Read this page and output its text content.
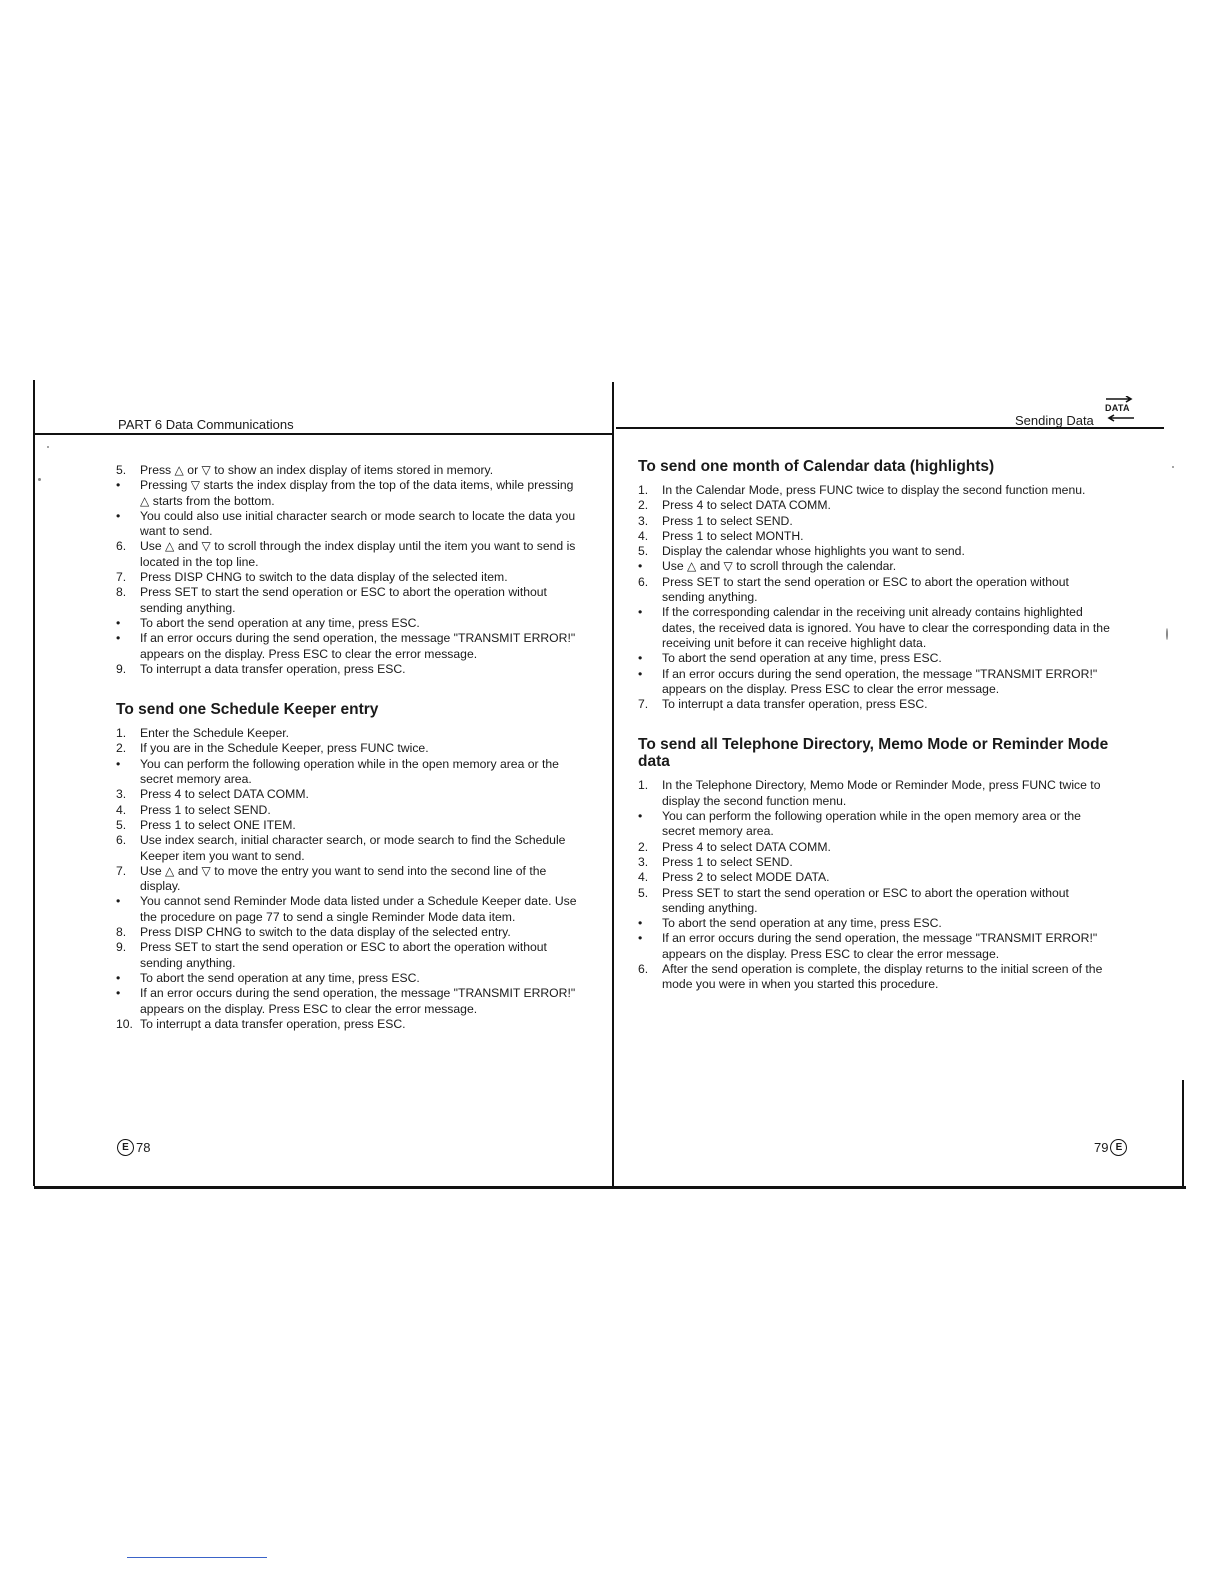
PART 6 Data Communications
5. Press △ or ▽ to show an index display of items stored in memory.
• Pressing ▽ starts the index display from the top of the data items, while pressing △ starts from the bottom.
• You could also use initial character search or mode search to locate the data you want to send.
6. Use △ and ▽ to scroll through the index display until the item you want to send is located in the top line.
7. Press DISP CHNG to switch to the data display of the selected item.
8. Press SET to start the send operation or ESC to abort the operation without sending anything.
• To abort the send operation at any time, press ESC.
• If an error occurs during the send operation, the message "TRANSMIT ERROR!" appears on the display. Press ESC to clear the error message.
9. To interrupt a data transfer operation, press ESC.
To send one Schedule Keeper entry
1. Enter the Schedule Keeper.
2. If you are in the Schedule Keeper, press FUNC twice.
• You can perform the following operation while in the open memory area or the secret memory area.
3. Press 4 to select DATA COMM.
4. Press 1 to select SEND.
5. Press 1 to select ONE ITEM.
6. Use index search, initial character search, or mode search to find the Schedule Keeper item you want to send.
7. Use △ and ▽ to move the entry you want to send into the second line of the display.
• You cannot send Reminder Mode data listed under a Schedule Keeper date. Use the procedure on page 77 to send a single Reminder Mode data item.
8. Press DISP CHNG to switch to the data display of the selected entry.
9. Press SET to start the send operation or ESC to abort the operation without sending anything.
• To abort the send operation at any time, press ESC.
• If an error occurs during the send operation, the message "TRANSMIT ERROR!" appears on the display. Press ESC to clear the error message.
10. To interrupt a data transfer operation, press ESC.
E 78
Sending Data
DATA
To send one month of Calendar data (highlights)
1. In the Calendar Mode, press FUNC twice to display the second function menu.
2. Press 4 to select DATA COMM.
3. Press 1 to select SEND.
4. Press 1 to select MONTH.
5. Display the calendar whose highlights you want to send.
• Use △ and ▽ to scroll through the calendar.
6. Press SET to start the send operation or ESC to abort the operation without sending anything.
• If the corresponding calendar in the receiving unit already contains highlighted dates, the received data is ignored. You have to clear the corresponding data in the receiving unit before it can receive highlight data.
• To abort the send operation at any time, press ESC.
• If an error occurs during the send operation, the message "TRANSMIT ERROR!" appears on the display. Press ESC to clear the error message.
7. To interrupt a data transfer operation, press ESC.
To send all Telephone Directory, Memo Mode or Reminder Mode data
1. In the Telephone Directory, Memo Mode or Reminder Mode, press FUNC twice to display the second function menu.
• You can perform the following operation while in the open memory area or the secret memory area.
2. Press 4 to select DATA COMM.
3. Press 1 to select SEND.
4. Press 2 to select MODE DATA.
5. Press SET to start the send operation or ESC to abort the operation without sending anything.
• To abort the send operation at any time, press ESC.
• If an error occurs during the send operation, the message "TRANSMIT ERROR!" appears on the display. Press ESC to clear the error message.
6. After the send operation is complete, the display returns to the initial screen of the mode you were in when you started this procedure.
79 E
